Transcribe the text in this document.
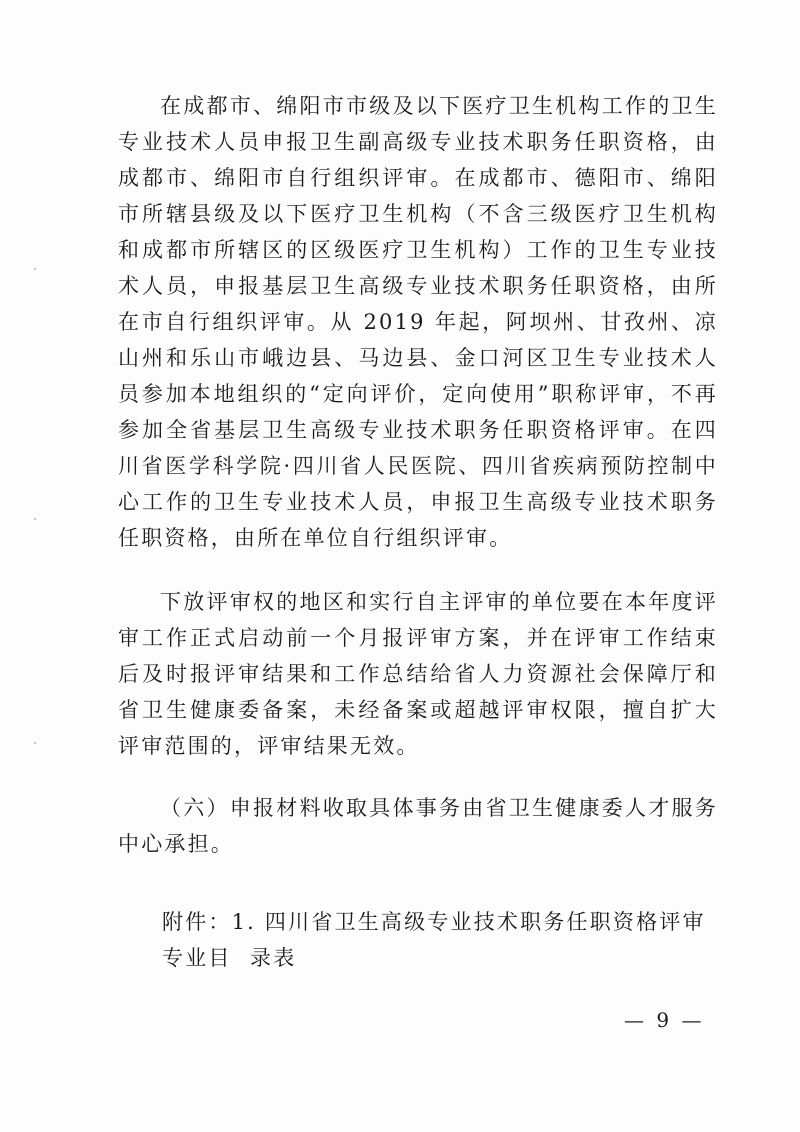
在成都市、绵阳市市级及以下医疗卫生机构工作的卫生专业技术人员申报卫生副高级专业技术职务任职资格，由成都市、绵阳市自行组织评审。在成都市、德阳市、绵阳市所辖县级及以下医疗卫生机构（不含三级医疗卫生机构和成都市所辖区的区级医疗卫生机构）工作的卫生专业技术人员，申报基层卫生高级专业技术职务任职资格，由所在市自行组织评审。从 2019 年起，阿坝州、甘孜州、凉山州和乐山市峨边县、马边县、金口河区卫生专业技术人员参加本地组织的“定向评价，定向使用”职称评审，不再参加全省基层卫生高级专业技术职务任职资格评审。在四川省医学科学院·四川省人民医院、四川省疾病预防控制中心工作的卫生专业技术人员，申报卫生高级专业技术职务任职资格，由所在单位自行组织评审。

下放评审权的地区和实行自主评审的单位要在本年度评审工作正式启动前一个月报评审方案，并在评审工作结束后及时报评审结果和工作总结给省人力资源社会保障厅和省卫生健康委备案，未经备案或超越评审权限，擅自扩大评审范围的，评审结果无效。

（六）申报材料收取具体事务由省卫生健康委人才服务中心承担。

附件：1. 四川省卫生高级专业技术职务任职资格评审专业目 录表
— 9 —
